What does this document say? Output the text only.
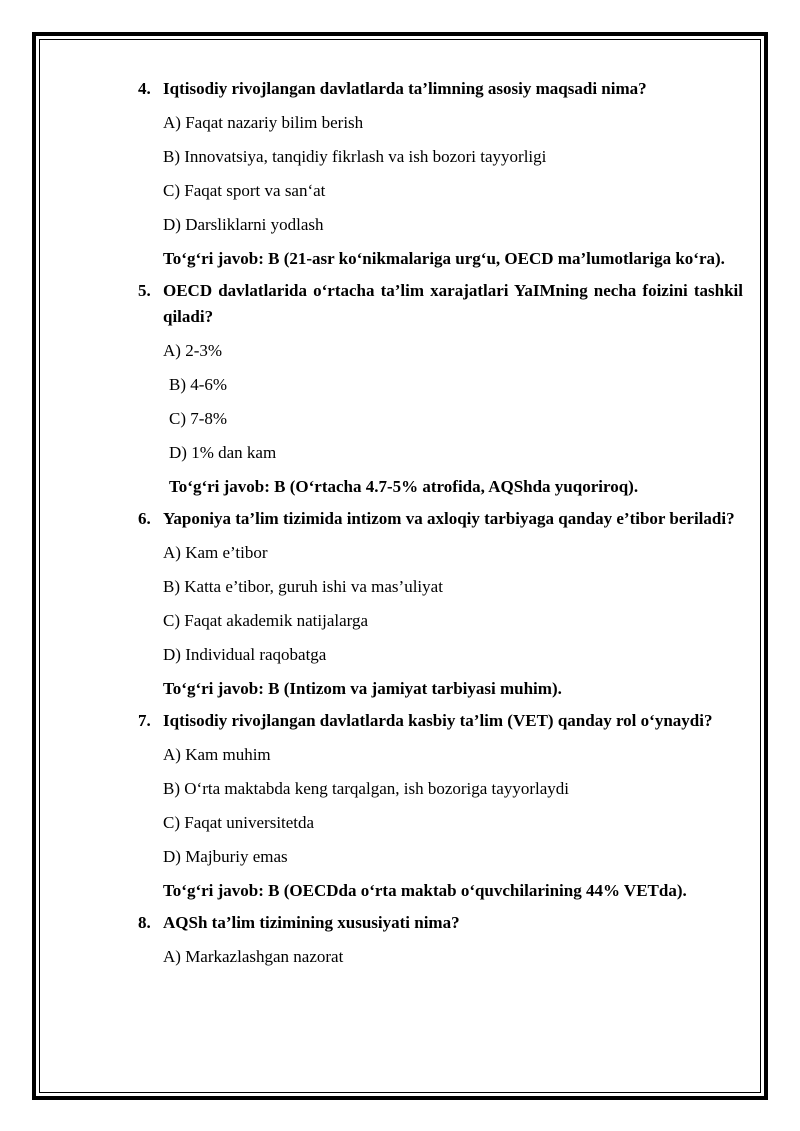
4. Iqtisodiy rivojlangan davlatlarda ta’limning asosiy maqsadi nima?
A) Faqat nazariy bilim berish
B) Innovatsiya, tanqidiy fikrlash va ish bozori tayyorligi
C) Faqat sport va san‘at
D) Darsliklarni yodlash
To‘g‘ri javob: B (21-asr ko‘nikmalariga urg‘u, OECD ma’lumotlariga ko‘ra).
5. OECD davlatlarida o‘rtacha ta’lim xarajatlari YaIMning necha foizini tashkil qiladi?
A) 2-3%
B) 4-6%
C) 7-8%
D) 1% dan kam
To‘g‘ri javob: B (O‘rtacha 4.7-5% atrofida, AQShda yuqoriroq).
6. Yaponiya ta’lim tizimida intizom va axloqiy tarbiyaga qanday e’tibor beriladi?
A) Kam e’tibor
B) Katta e’tibor, guruh ishi va mas’uliyat
C) Faqat akademik natijalarga
D) Individual raqobatga
To‘g‘ri javob: B (Intizom va jamiyat tarbiyasi muhim).
7. Iqtisodiy rivojlangan davlatlarda kasbiy ta’lim (VET) qanday rol o‘ynaydi?
A) Kam muhim
B) O‘rta maktabda keng tarqalgan, ish bozoriga tayyorlaydi
C) Faqat universitetda
D) Majburiy emas
To‘g‘ri javob: B (OECDda o‘rta maktab o‘quvchilarining 44% VETda).
8. AQSh ta’lim tizimining xususiyati nima?
A) Markazlashgan nazorat
